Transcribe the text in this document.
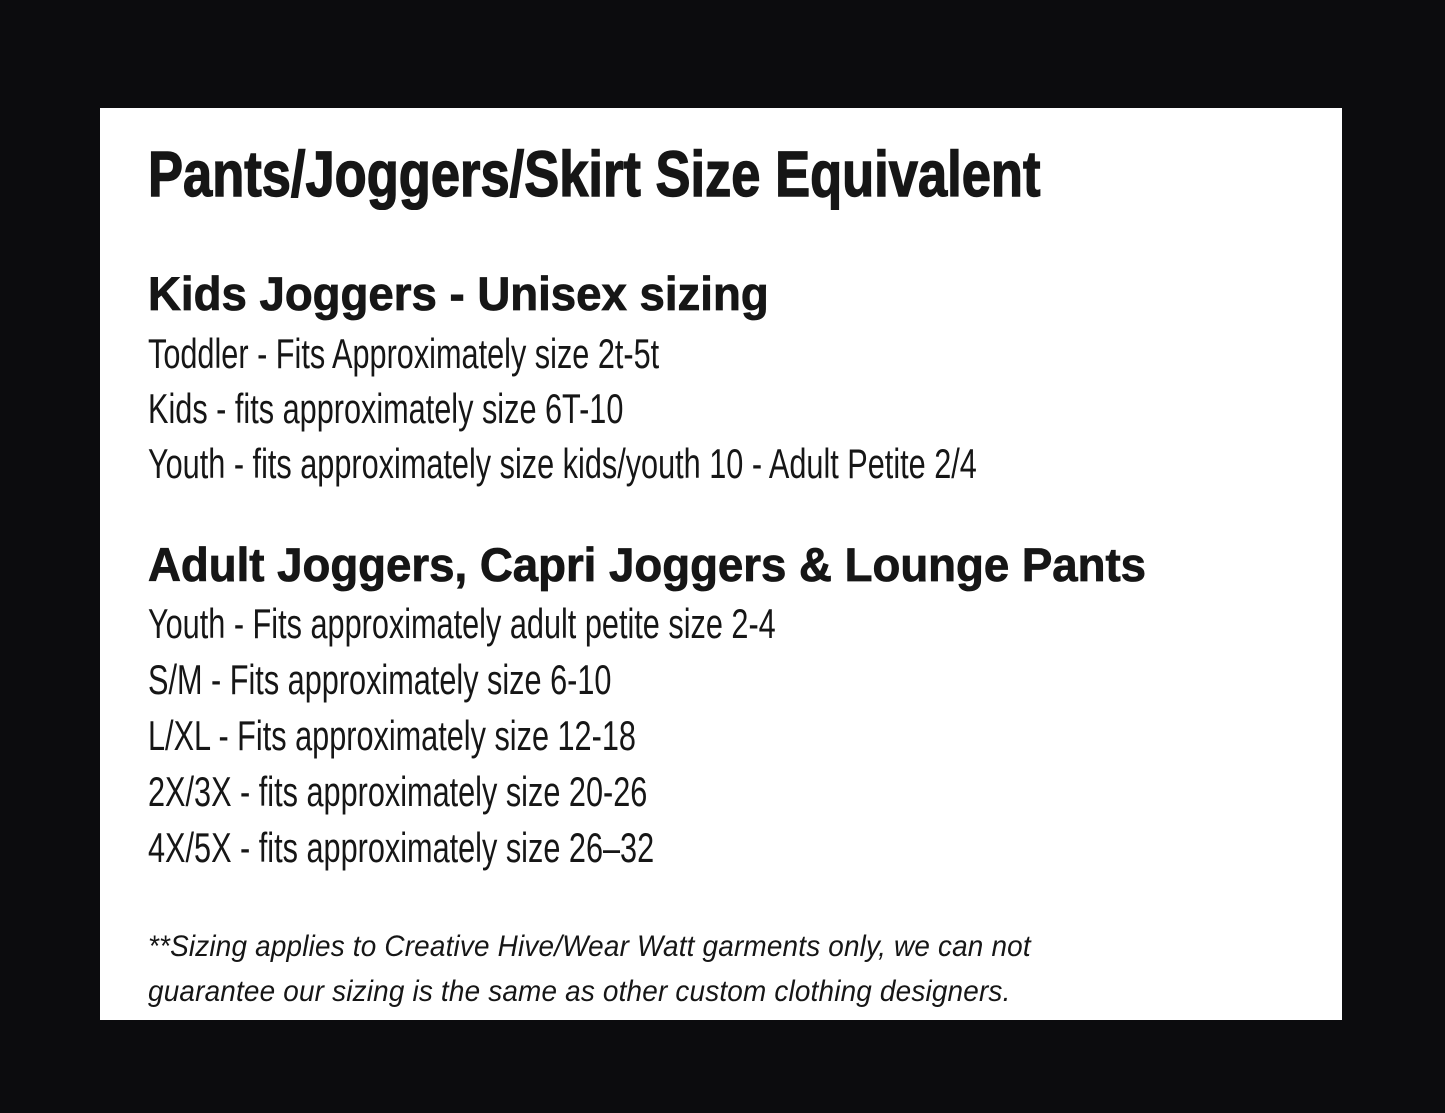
Pants/Joggers/Skirt Size Equivalent
Kids Joggers - Unisex sizing
Toddler - Fits Approximately size 2t-5t
Kids - fits approximately size 6T-10
Youth - fits approximately size kids/youth 10 - Adult Petite 2/4
Adult Joggers, Capri Joggers & Lounge Pants
Youth - Fits approximately adult petite size 2-4
S/M - Fits approximately size 6-10
L/XL - Fits approximately size 12-18
2X/3X - fits approximately size 20-26
4X/5X - fits approximately size 26–32
**Sizing applies to Creative Hive/Wear Watt garments only, we can not
guarantee our sizing is the same as other custom clothing designers.
